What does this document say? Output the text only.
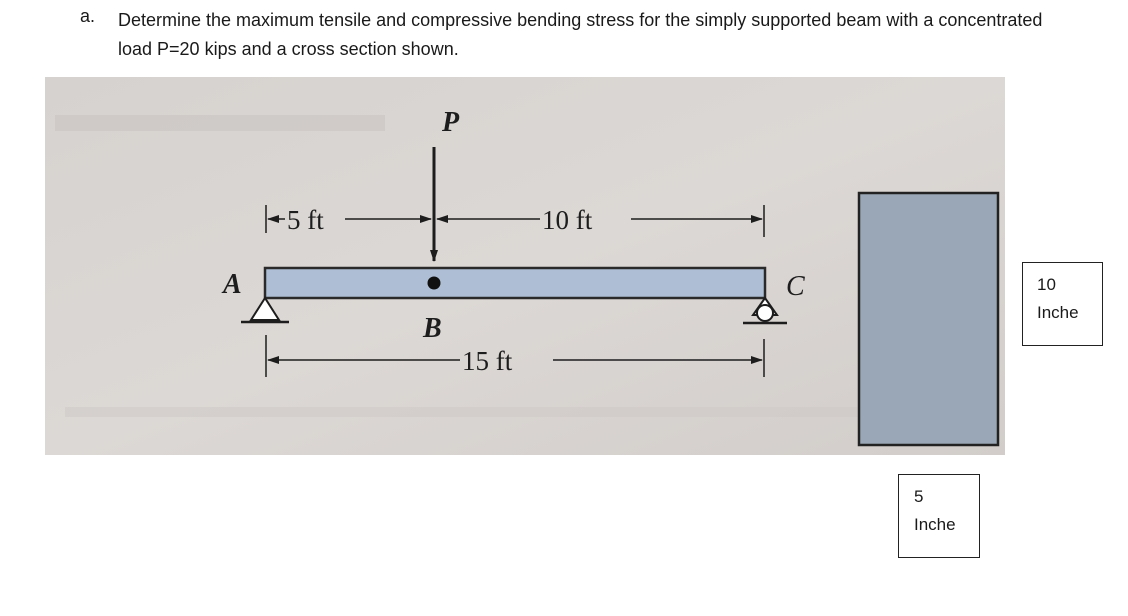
a. Determine the maximum tensile and compressive bending stress for the simply supported beam with a concentrated load P=20 kips and a cross section shown.
P
5 ft	10 ft
A	C
B
15 ft
10
Inche
5
Inche
